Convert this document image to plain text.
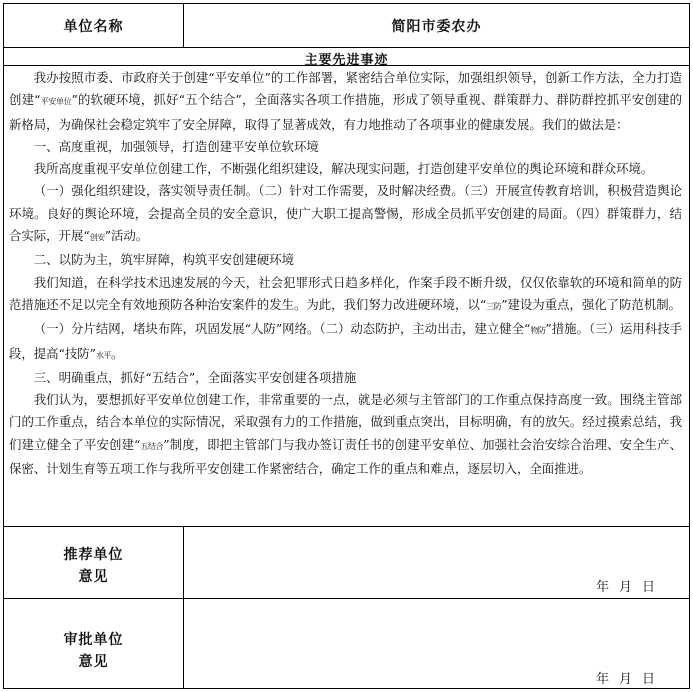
单位名称	简阳市委农办
主要先进事迹

我办按照市委、市政府关于创建“平安单位”的工作部署，紧密结合单位实际，加强组织领导，创新工作方法，全力打造创建“平安单位”的软硬环境，抓好“五个结合”，全面落实各项工作措施，形成了领导重视、群策群力、群防群控抓平安创建的新格局，为确保社会稳定筑牢了安全屏障，取得了显著成效，有力地推动了各项事业的健康发展。我们的做法是：

一、高度重视，加强领导，打造创建平安单位软环境

我所高度重视平安单位创建工作，不断强化组织建设，解决现实问题，打造创建平安单位的舆论环境和群众环境。

（一）强化组织建设，落实领导责任制。（二）针对工作需要，及时解决经费。（三）开展宣传教育培训，积极营造舆论环境。良好的舆论环境，会提高全员的安全意识，使广大职工提高警惕，形成全员抓平安创建的局面。（四）群策群力，结合实际，开展“创安”活动。

二、以防为主，筑牢屏障，构筑平安创建硬环境

我们知道，在科学技术迅速发展的今天，社会犯罪形式日趋多样化，作案手段不断升级，仅仅依靠软的环境和简单的防范措施还不足以完全有效地预防各种治安案件的发生。为此，我们努力改进硬环境，以“三防”建设为重点，强化了防范机制。

（一）分片结网，堵块布阵，巩固发展“人防”网络。（二）动态防护，主动出击，建立健全“物防”措施。（三）运用科技手段，提高“技防”水平。

三、明确重点，抓好“五结合”，全面落实平安创建各项措施

我们认为，要想抓好平安单位创建工作，非常重要的一点，就是必须与主管部门的工作重点保持高度一致。围绕主管部门的工作重点，结合本单位的实际情况，采取强有力的工作措施，做到重点突出，目标明确，有的放矢。经过摸索总结，我们建立健全了平安创建“五结合”制度，即把主管部门与我办签订责任书的创建平安单位、加强社会治安综合治理、安全生产、保密、计划生育等五项工作与我所平安创建工作紧密结合，确定工作的重点和难点，逐层切入，全面推进。

推荐单位
意见
年月日
审批单位
意见
年月日
